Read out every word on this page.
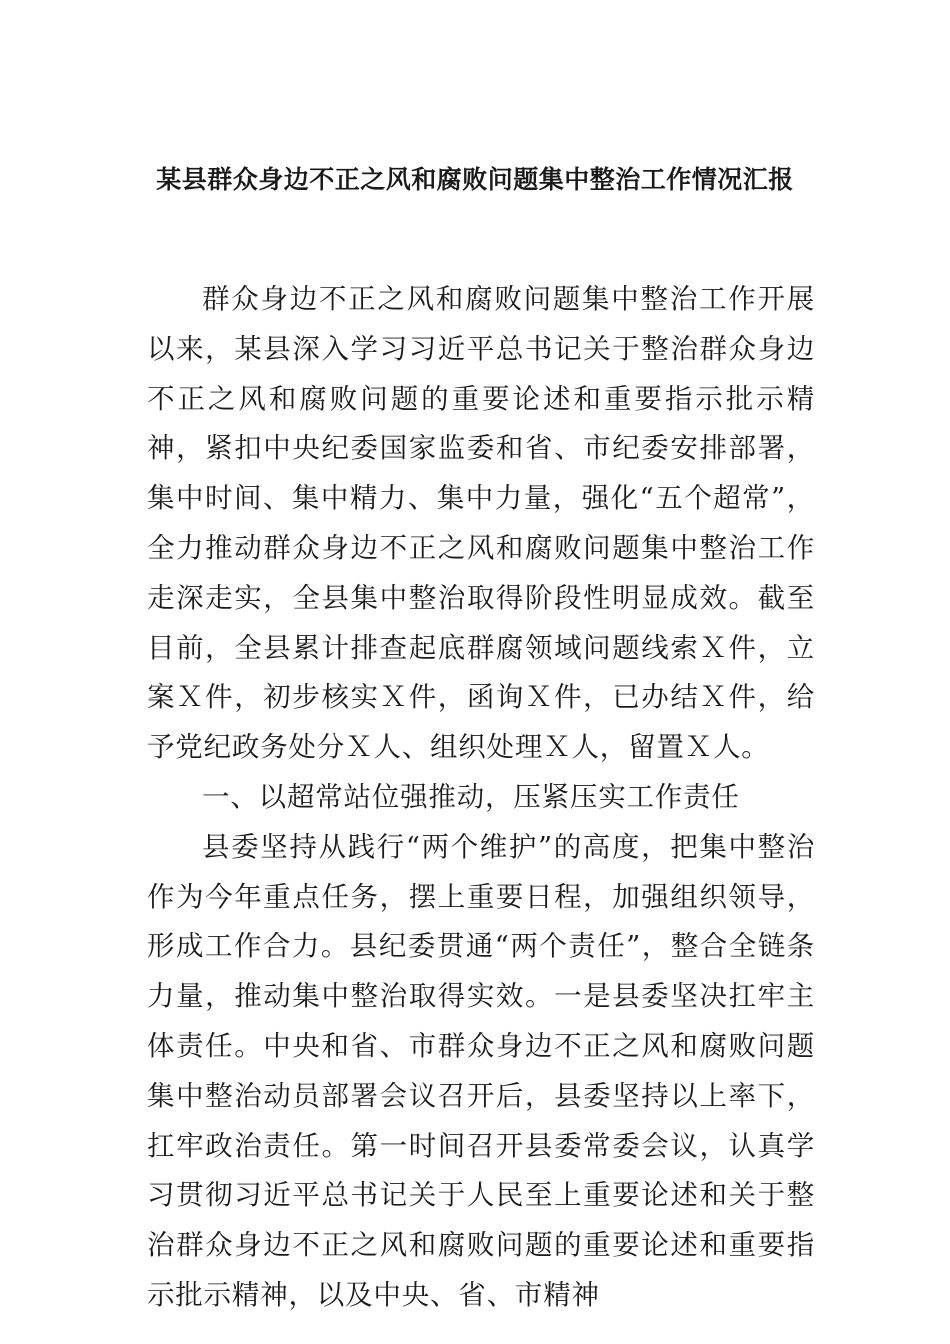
某县群众身边不正之风和腐败问题集中整治工作情况汇报

群众身边不正之风和腐败问题集中整治工作开展以来，某县深入学习习近平总书记关于整治群众身边不正之风和腐败问题的重要论述和重要指示批示精神，紧扣中央纪委国家监委和省、市纪委安排部署，集中时间、集中精力、集中力量，强化“五个超常”，全力推动群众身边不正之风和腐败问题集中整治工作走深走实，全县集中整治取得阶段性明显成效。截至目前，全县累计排查起底群腐领域问题线索Ｘ件，立案Ｘ件，初步核实Ｘ件，函询Ｘ件，已办结Ｘ件，给予党纪政务处分Ｘ人、组织处理Ｘ人，留置Ｘ人。

一、以超常站位强推动，压紧压实工作责任

县委坚持从践行“两个维护”的高度，把集中整治作为今年重点任务，摆上重要日程，加强组织领导，形成工作合力。县纪委贯通“两个责任”，整合全链条力量，推动集中整治取得实效。一是县委坚决扛牢主体责任。中央和省、市群众身边不正之风和腐败问题集中整治动员部署会议召开后，县委坚持以上率下，扛牢政治责任。第一时间召开县委常委会议，认真学习贯彻习近平总书记关于人民至上重要论述和关于整治群众身边不正之风和腐败问题的重要论述和重要指示批示精神，以及中央、省、市精神
